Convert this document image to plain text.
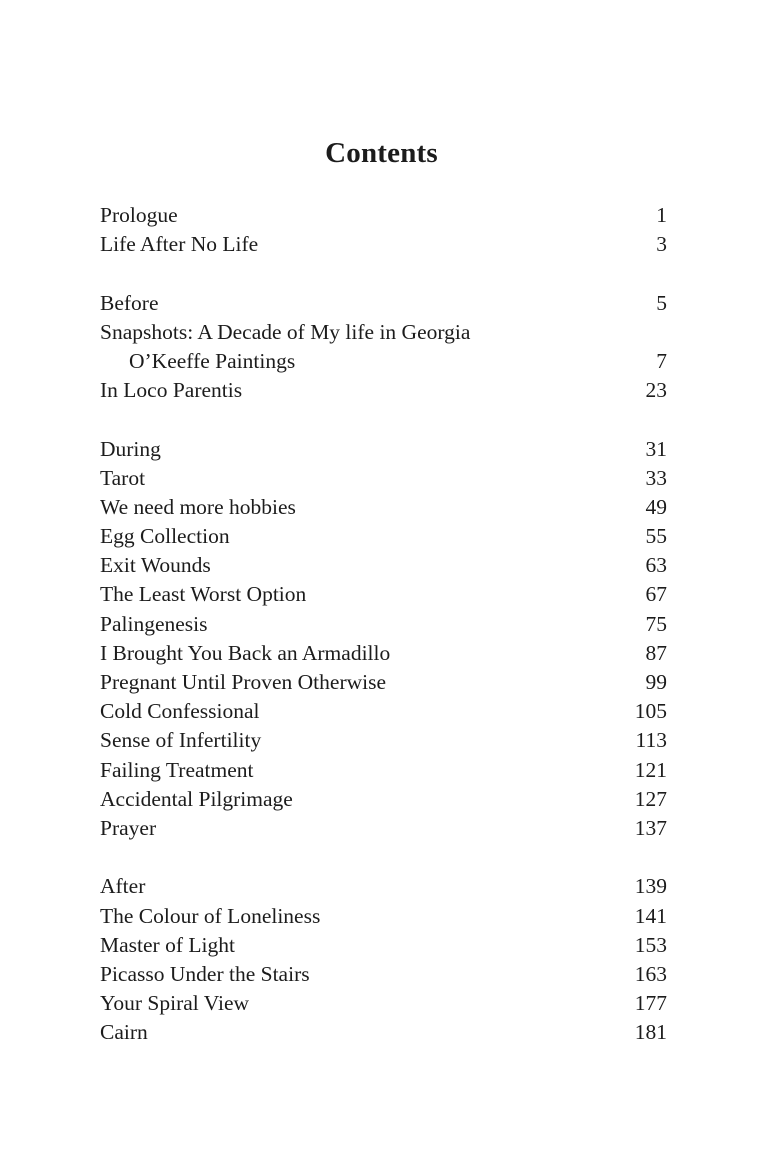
Contents
Prologue	1
Life After No Life	3
Before	5
Snapshots: A Decade of My life in Georgia
O’Keeffe Paintings	7
In Loco Parentis	23
During	31
Tarot	33
We need more hobbies	49
Egg Collection	55
Exit Wounds	63
The Least Worst Option	67
Palingenesis	75
I Brought You Back an Armadillo	87
Pregnant Until Proven Otherwise	99
Cold Confessional	105
Sense of Infertility	113
Failing Treatment	121
Accidental Pilgrimage	127
Prayer	137
After	139
The Colour of Loneliness	141
Master of Light	153
Picasso Under the Stairs	163
Your Spiral View	177
Cairn	181
